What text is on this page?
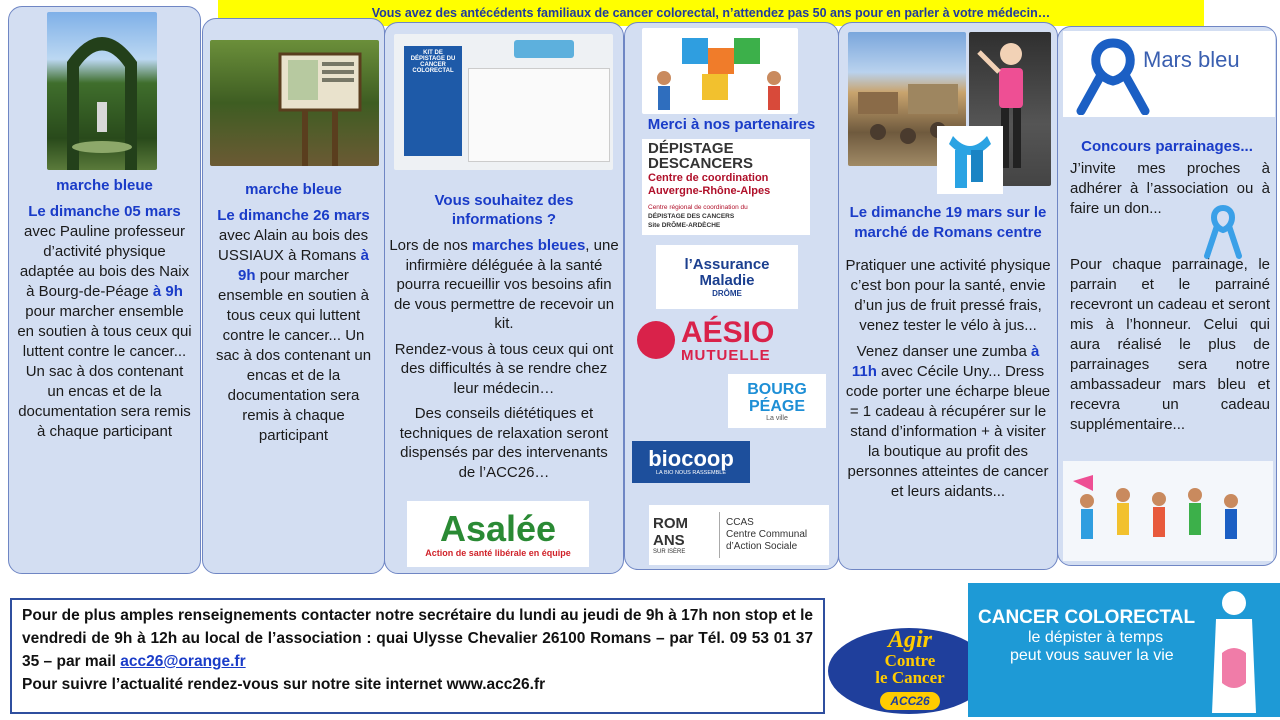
Vous avez des antécédents familiaux de cancer colorectal, n’attendez pas 50 ans pour en parler à votre médecin…
marche bleue
Le dimanche 05 mars avec Pauline professeur d’activité physique adaptée au bois des Naix à Bourg-de-Péage à 9h pour marcher ensemble en soutien à tous ceux qui luttent contre le cancer... Un sac à dos contenant un encas et de la documentation sera remis à chaque participant
marche bleue
Le dimanche 26 mars avec Alain au bois des USSIAUX à Romans à 9h pour marcher ensemble en soutien à tous ceux qui luttent contre le cancer... Un sac à dos contenant un encas et de la documentation sera remis à chaque participant
KIT DE DÉPISTAGE DU CANCER COLORECTAL
Vous souhaitez des informations ?
Lors de nos marches bleues, une infirmière déléguée à la santé pourra recueillir vos besoins afin de vous permettre de recevoir un kit.
Rendez-vous à tous ceux qui ont des difficultés à se rendre chez leur médecin…
Des conseils diététiques et techniques de relaxation seront dispensés par des intervenants de l’ACC26…
Asalée
Action de santé libérale en équipe
Merci à nos partenaires
DÉPISTAGE
DESCANCERS
Centre de coordination
Auvergne-Rhône-Alpes
Centre régional de coordination du
DÉPISTAGE DES CANCERS
Site DRÔME-ARDÈCHE
l’Assurance
Maladie
DRÔME
AÉSIO
MUTUELLE
BOURG
PÉAGE
La ville
biocoop
LA BIO NOUS RASSEMBLE
ROM
ANS
SUR ISÈRE
CCAS
Centre Communal
d’Action Sociale
Le dimanche 19 mars sur le marché de Romans centre
Pratiquer une activité physique c’est bon pour la santé, envie d’un jus de fruit pressé frais, venez tester le vélo à jus...
Venez danser une zumba à 11h avec Cécile Uny... Dress code porter une écharpe bleue = 1 cadeau à récupérer sur le stand d’information + à visiter la boutique au profit des personnes atteintes de cancer et leurs aidants...
Mars bleu
Concours parrainages...
J’invite mes proches à adhérer à l’association ou à faire un don...
Pour chaque parrainage, le parrain et le parrainé recevront un cadeau et seront mis à l’honneur. Celui qui aura réalisé le plus de parrainages sera notre ambassadeur mars bleu et recevra un cadeau supplémentaire...
Pour de plus amples renseignements contacter notre secrétaire du lundi au jeudi de 9h à 17h non stop et le vendredi de 9h à 12h au local de l’association : quai Ulysse Chevalier 26100 Romans – par Tél. 09 53 01 37 35 – par mail acc26@orange.fr
Pour suivre l’actualité rendez-vous sur notre site internet www.acc26.fr
Agir
Contre
le Cancer
ACC26
CANCER COLORECTAL
le dépister à temps
peut vous sauver la vie
